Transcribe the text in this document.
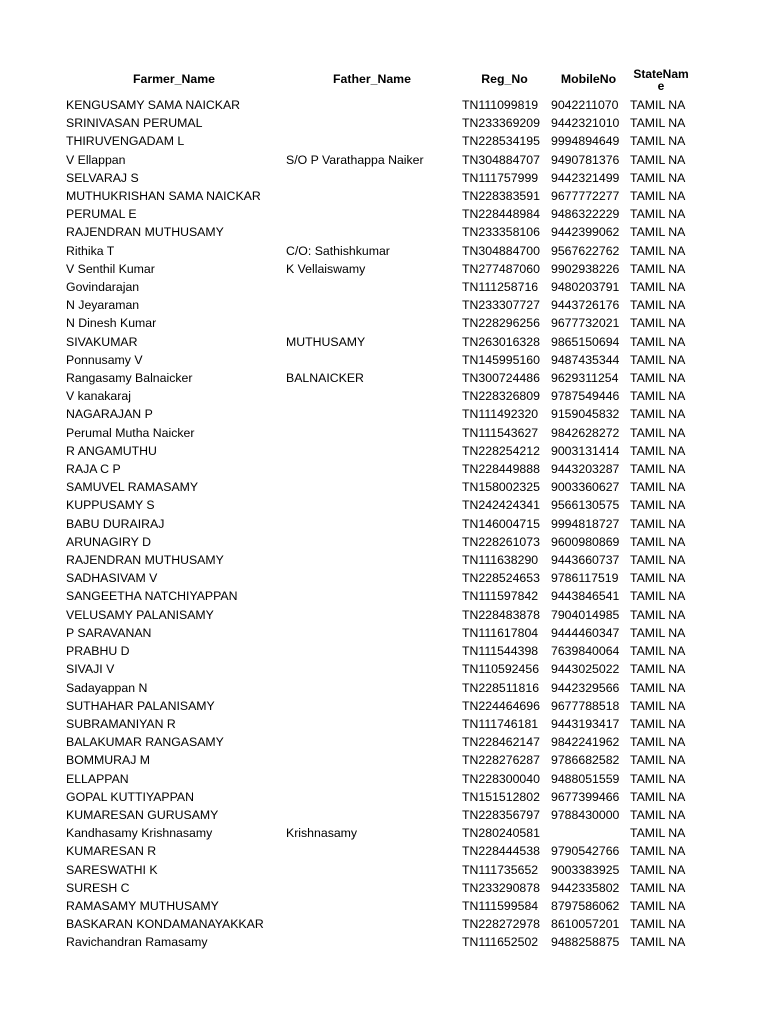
Farmer_Name	Father_Name	Reg_No	MobileNo	StateNam
e
KENGUSAMY SAMA NAICKAR		TN111099819	9042211070	TAMIL NA
SRINIVASAN PERUMAL		TN233369209	9442321010	TAMIL NA
THIRUVENGADAM L		TN228534195	9994894649	TAMIL NA
V Ellappan	S/O P Varathappa Naiker	TN304884707	9490781376	TAMIL NA
SELVARAJ S		TN111757999	9442321499	TAMIL NA
MUTHUKRISHAN SAMA NAICKAR		TN228383591	9677772277	TAMIL NA
PERUMAL E		TN228448984	9486322229	TAMIL NA
RAJENDRAN MUTHUSAMY		TN233358106	9442399062	TAMIL NA
Rithika T	C/O: Sathishkumar	TN304884700	9567622762	TAMIL NA
V Senthil Kumar	K Vellaiswamy	TN277487060	9902938226	TAMIL NA
Govindarajan		TN111258716	9480203791	TAMIL NA
N Jeyaraman		TN233307727	9443726176	TAMIL NA
N Dinesh Kumar		TN228296256	9677732021	TAMIL NA
SIVAKUMAR	MUTHUSAMY	TN263016328	9865150694	TAMIL NA
Ponnusamy V		TN145995160	9487435344	TAMIL NA
Rangasamy Balnaicker	BALNAICKER	TN300724486	9629311254	TAMIL NA
V kanakaraj		TN228326809	9787549446	TAMIL NA
NAGARAJAN P		TN111492320	9159045832	TAMIL NA
Perumal Mutha Naicker		TN111543627	9842628272	TAMIL NA
R ANGAMUTHU		TN228254212	9003131414	TAMIL NA
RAJA C P		TN228449888	9443203287	TAMIL NA
SAMUVEL RAMASAMY		TN158002325	9003360627	TAMIL NA
KUPPUSAMY S		TN242424341	9566130575	TAMIL NA
BABU DURAIRAJ		TN146004715	9994818727	TAMIL NA
ARUNAGIRY D		TN228261073	9600980869	TAMIL NA
RAJENDRAN MUTHUSAMY		TN111638290	9443660737	TAMIL NA
SADHASIVAM V		TN228524653	9786117519	TAMIL NA
SANGEETHA NATCHIYAPPAN		TN111597842	9443846541	TAMIL NA
VELUSAMY PALANISAMY		TN228483878	7904014985	TAMIL NA
P SARAVANAN		TN111617804	9444460347	TAMIL NA
PRABHU D		TN111544398	7639840064	TAMIL NA
SIVAJI V		TN110592456	9443025022	TAMIL NA
Sadayappan N		TN228511816	9442329566	TAMIL NA
SUTHAHAR PALANISAMY		TN224464696	9677788518	TAMIL NA
SUBRAMANIYAN R		TN111746181	9443193417	TAMIL NA
BALAKUMAR RANGASAMY		TN228462147	9842241962	TAMIL NA
BOMMURAJ M		TN228276287	9786682582	TAMIL NA
ELLAPPAN		TN228300040	9488051559	TAMIL NA
GOPAL KUTTIYAPPAN		TN151512802	9677399466	TAMIL NA
KUMARESAN GURUSAMY		TN228356797	9788430000	TAMIL NA
Kandhasamy Krishnasamy	Krishnasamy	TN280240581		TAMIL NA
KUMARESAN R		TN228444538	9790542766	TAMIL NA
SARESWATHI K		TN111735652	9003383925	TAMIL NA
SURESH C		TN233290878	9442335802	TAMIL NA
RAMASAMY MUTHUSAMY		TN111599584	8797586062	TAMIL NA
BASKARAN KONDAMANAYAKKAR		TN228272978	8610057201	TAMIL NA
Ravichandran Ramasamy		TN111652502	9488258875	TAMIL NA
